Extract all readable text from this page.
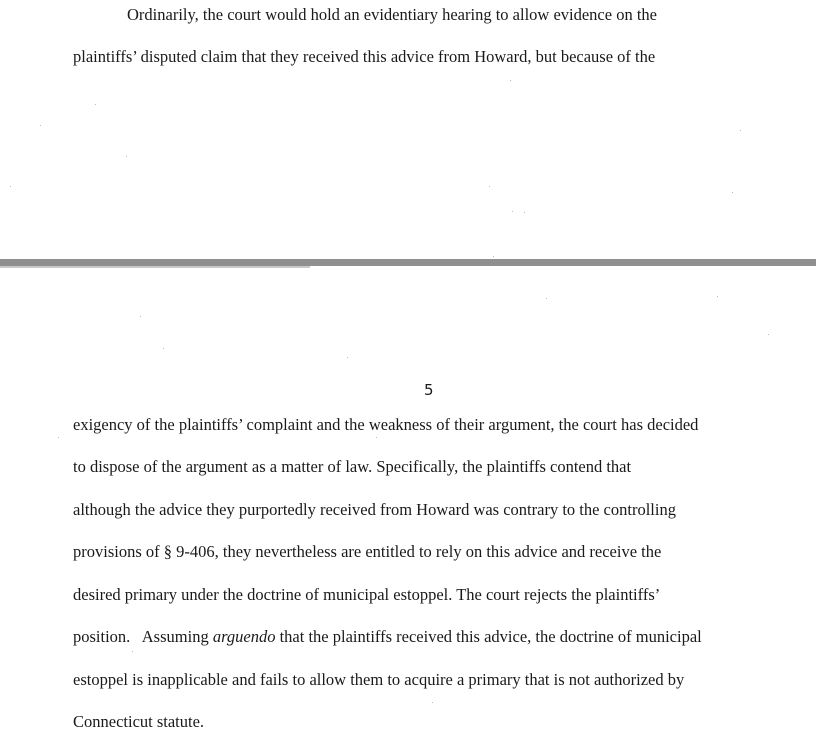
Ordinarily, the court would hold an evidentiary hearing to allow evidence on the
plaintiffs’ disputed claim that they received this advice from Howard, but because of the
5
exigency of the plaintiffs’ complaint and the weakness of their argument, the court has decided
to dispose of the argument as a matter of law. Specifically, the plaintiffs contend that
although the advice they purportedly received from Howard was contrary to the controlling
provisions of § 9-406, they nevertheless are entitled to rely on this advice and receive the
desired primary under the doctrine of municipal estoppel. The court rejects the plaintiffs’
position.   Assuming arguendo that the plaintiffs received this advice, the doctrine of municipal
estoppel is inapplicable and fails to allow them to acquire a primary that is not authorized by
Connecticut statute.
